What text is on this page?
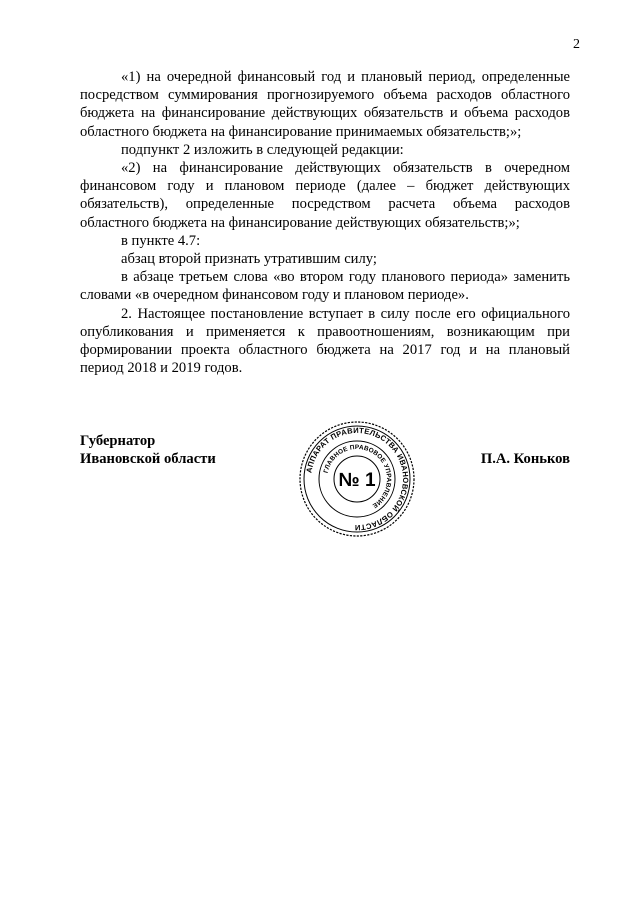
2

«1) на очередной финансовый год и плановый период, определенные посредством суммирования прогнозируемого объема расходов областного бюджета на финансирование действующих обязательств и объема расходов областного бюджета на финансирование принимаемых обязательств;»;

подпункт 2 изложить в следующей редакции:

«2) на финансирование действующих обязательств в очередном финансовом году и плановом периоде (далее – бюджет действующих обязательств), определенные посредством расчета объема расходов областного бюджета на финансирование действующих обязательств;»;

в пункте 4.7:

абзац второй признать утратившим силу;

в абзаце третьем слова «во втором году планового периода» заменить словами «в очередном финансовом году и плановом периоде».

2. Настоящее постановление вступает в силу после его официального опубликования и применяется к правоотношениям, возникающим при формировании проекта областного бюджета на 2017 год и на плановый период 2018 и 2019 годов.

Губернатор
Ивановской области	П.А. Коньков
АППАРАТ ПРАВИТЕЛЬСТВА ИВАНОВСКОЙ ОБЛАСТИ
ГЛАВНОЕ ПРАВОВОЕ УПРАВЛЕНИЕ
№ 1
